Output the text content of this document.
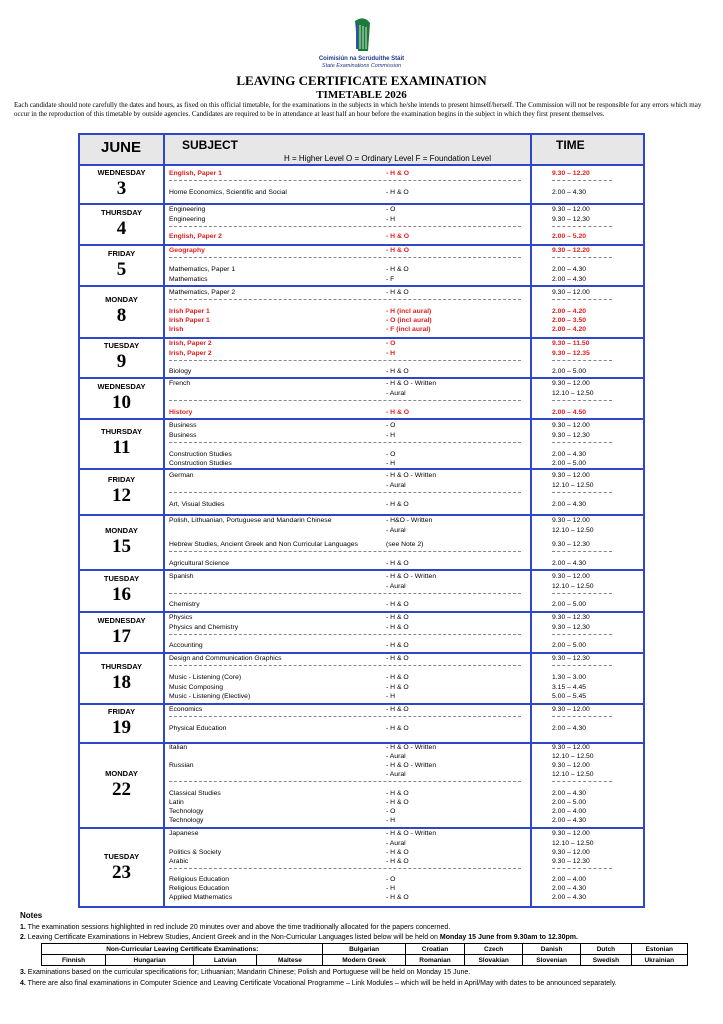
Coimisiún na Scrúduithe Stáit
State Examinations Commission
LEAVING CERTIFICATE EXAMINATION
TIMETABLE 2026
Each candidate should note carefully the dates and hours, as fixed on this official timetable, for the examinations in the subjects in which he/she intends to present himself/herself. The Commission will not be responsible for any errors which may occur in the reproduction of this timetable by outside agencies. Candidates are required to be in attendance at least half an hour before the examination begins in the subject in which they first present themselves.
JUNE	SUBJECT
H = Higher Level O = Ordinary Level F = Foundation Level
TIME
WEDNESDAY
3
English, Paper 1	- H & O	9.30 – 12.20
Home Economics, Scientific and Social	- H & O	2.00 – 4.30
THURSDAY
4
Engineering	- O	9.30 – 12.00
Engineering	- H	9.30 – 12.30
English, Paper 2	- H & O	2.00 – 5.20
FRIDAY
5
Geography	- H & O	9.30 – 12.20
Mathematics, Paper 1	- H & O	2.00 – 4.30
Mathematics	- F	2.00 – 4.30
MONDAY
8
Mathematics, Paper 2	- H & O	9.30 – 12.00
Irish Paper 1	- H (incl aural)	2.00 – 4.20
Irish Paper 1	- O (incl aural)	2.00 – 3.50
Irish	- F (incl aural)	2.00 – 4.20
TUESDAY
9
Irish, Paper 2	- O	9.30 – 11.50
Irish, Paper 2	- H	9.30 – 12.35
Biology	- H & O	2.00 – 5.00
WEDNESDAY
10
French	- H & O - Written	9.30 – 12.00
- Aural	12.10 – 12.50
History	- H & O	2.00 – 4.50
THURSDAY
11
Business	- O	9.30 – 12.00
Business	- H	9.30 – 12.30
Construction Studies	- O	2.00 – 4.30
Construction Studies	- H	2.00 – 5.00
FRIDAY
12
German	- H & O - Written	9.30 – 12.00
- Aural	12.10 – 12.50
Art, Visual Studies	- H & O	2.00 – 4.30
MONDAY
15
Polish, Lithuanian, Portuguese and Mandarin Chinese	- H&O - Written	9.30 – 12.00
- Aural	12.10 – 12.50
Hebrew Studies, Ancient Greek and Non Curricular Languages	(see Note 2)	9.30 – 12.30
Agricultural Science	- H & O	2.00 – 4.30
TUESDAY
16
Spanish	- H & O - Written	9.30 – 12.00
- Aural	12.10 – 12.50
Chemistry	- H & O	2.00 – 5.00
WEDNESDAY
17
Physics	- H & O	9.30 – 12.30
Physics and Chemistry	- H & O	9.30 – 12.30
Accounting	- H & O	2.00 – 5.00
THURSDAY
18
Design and Communication Graphics	- H & O	9.30 – 12.30
Music - Listening (Core)	- H & O	1.30 – 3.00
Music Composing	- H & O	3.15 – 4.45
Music - Listening (Elective)	- H	5.00 – 5.45
FRIDAY
19
Economics	- H & O	9.30 – 12.00
Physical Education	- H & O	2.00 – 4.30
MONDAY
22
Italian	- H & O - Written	9.30 – 12.00
- Aural	12.10 – 12.50
Russian	- H & O - Written	9.30 – 12.00
- Aural	12.10 – 12.50
Classical Studies	- H & O	2.00 – 4.30
Latin	- H & O	2.00 – 5.00
Technology	- O	2.00 – 4.00
Technology	- H	2.00 – 4.30
TUESDAY
23
Japanese	- H & O - Written	9.30 – 12.00
- Aural	12.10 – 12.50
Politics & Society	- H & O	9.30 – 12.00
Arabic	- H & O	9.30 – 12.30
Religious Education	- O	2.00 – 4.00
Religious Education	- H	2.00 – 4.30
Applied Mathematics	- H & O	2.00 – 4.30
Notes
1. The examination sessions highlighted in red include 20 minutes over and above the time traditionally allocated for the papers concerned.
2. Leaving Certificate Examinations in Hebrew Studies, Ancient Greek and in the Non-Curricular Languages listed below will be held on Monday 15 June from 9.30am to 12.30pm.
Non-Curricular Leaving Certificate Examinations:				Bulgarian	Croatian	Czech	Danish	Dutch	Estonian
Finnish	Hungarian	Latvian	Maltese	Modern Greek	Romanian	Slovakian	Slovenian	Swedish	Ukrainian
3. Examinations based on the curricular specifications for; Lithuanian; Mandarin Chinese; Polish and Portuguese will be held on Monday 15 June.
4. There are also final examinations in Computer Science and Leaving Certificate Vocational Programme – Link Modules – which will be held in April/May with dates to be announced separately.
